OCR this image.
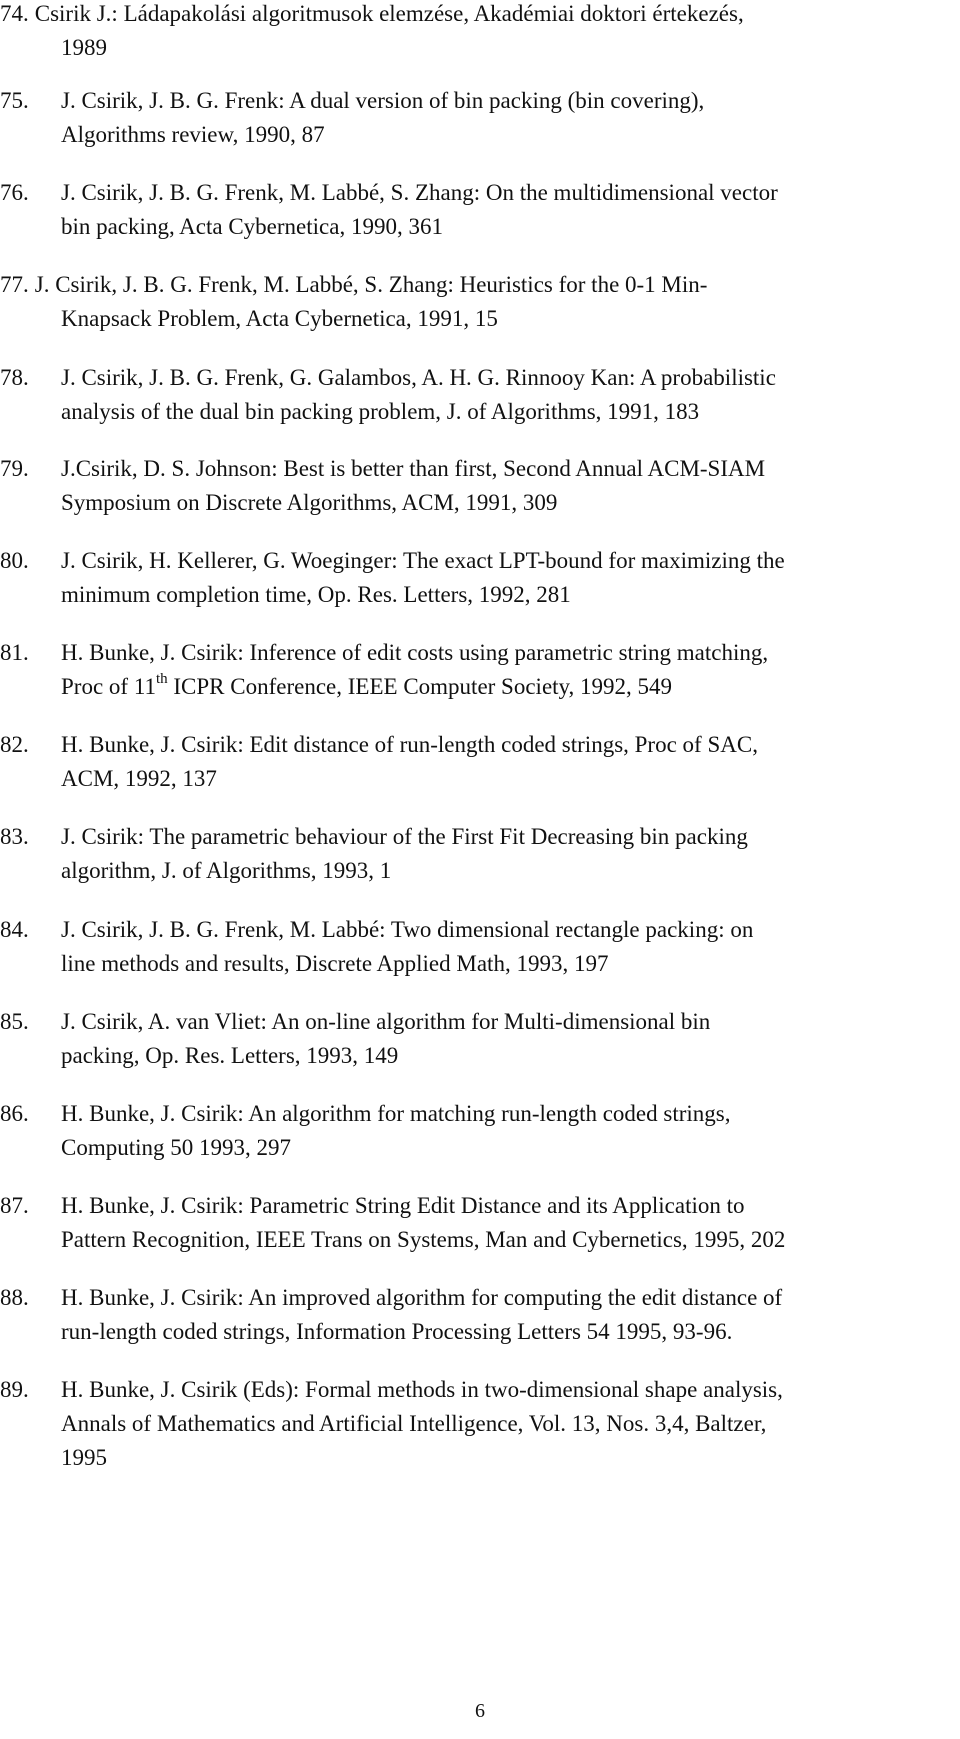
74. Csirik J.: Ládapakolási algoritmusok elemzése, Akadémiai doktori értekezés,
1989
75.	J. Csirik, J. B. G. Frenk: A dual version of bin packing (bin covering),
Algorithms review, 1990, 87
76.	J. Csirik, J. B. G. Frenk, M. Labbé, S. Zhang: On the multidimensional vector
bin packing, Acta Cybernetica, 1990, 361
77. J. Csirik, J. B. G. Frenk, M. Labbé, S. Zhang: Heuristics for the 0-1 Min-
Knapsack Problem, Acta Cybernetica, 1991, 15
78.	J. Csirik, J. B. G. Frenk, G. Galambos, A. H. G. Rinnooy Kan: A probabilistic
analysis of the dual bin packing problem, J. of Algorithms, 1991, 183
79.	J.Csirik, D. S. Johnson: Best is better than first, Second Annual ACM-SIAM
Symposium on Discrete Algorithms, ACM, 1991, 309
80.	J. Csirik, H. Kellerer, G. Woeginger: The exact LPT-bound for maximizing the
minimum completion time, Op. Res. Letters, 1992, 281
81.	H. Bunke, J. Csirik: Inference of edit costs using parametric string matching,
Proc of 11th ICPR Conference, IEEE Computer Society, 1992, 549
82.	H. Bunke, J. Csirik: Edit distance of run-length coded strings, Proc of SAC,
ACM, 1992, 137
83.	J. Csirik: The parametric behaviour of the First Fit Decreasing bin packing
algorithm, J. of Algorithms, 1993, 1
84.	J. Csirik, J. B. G. Frenk, M. Labbé: Two dimensional rectangle packing: on
line methods and results, Discrete Applied Math, 1993, 197
85.	J. Csirik, A. van Vliet: An on-line algorithm for Multi-dimensional bin
packing, Op. Res. Letters, 1993, 149
86.	H. Bunke, J. Csirik: An algorithm for matching run-length coded strings,
Computing 50 1993, 297
87.	H. Bunke, J. Csirik: Parametric String Edit Distance and its Application to
Pattern Recognition, IEEE Trans on Systems, Man and Cybernetics, 1995, 202
88.	H. Bunke, J. Csirik: An improved algorithm for computing the edit distance of
run-length coded strings, Information Processing Letters 54 1995, 93-96.
89.	H. Bunke, J. Csirik (Eds): Formal methods in two-dimensional shape analysis,
Annals of Mathematics and Artificial Intelligence, Vol. 13, Nos. 3,4, Baltzer,
1995
6
